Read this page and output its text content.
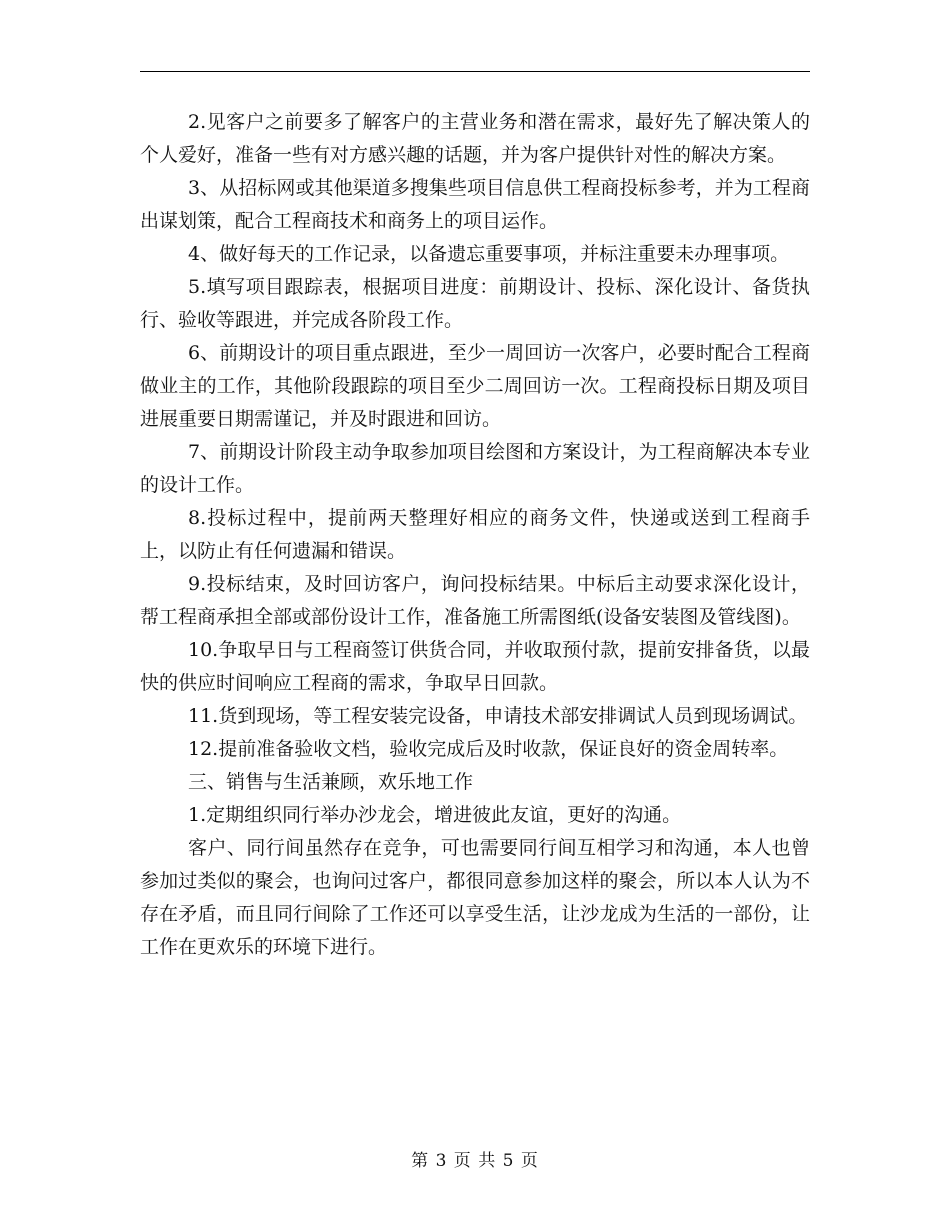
2.见客户之前要多了解客户的主营业务和潜在需求，最好先了解决策人的个人爱好，准备一些有对方感兴趣的话题，并为客户提供针对性的解决方案。

3、从招标网或其他渠道多搜集些项目信息供工程商投标参考，并为工程商出谋划策，配合工程商技术和商务上的项目运作。

4、做好每天的工作记录，以备遗忘重要事项，并标注重要未办理事项。

5.填写项目跟踪表，根据项目进度：前期设计、投标、深化设计、备货执行、验收等跟进，并完成各阶段工作。

6、前期设计的项目重点跟进，至少一周回访一次客户，必要时配合工程商做业主的工作，其他阶段跟踪的项目至少二周回访一次。工程商投标日期及项目进展重要日期需谨记，并及时跟进和回访。

7、前期设计阶段主动争取参加项目绘图和方案设计，为工程商解决本专业的设计工作。

8.投标过程中，提前两天整理好相应的商务文件，快递或送到工程商手上，以防止有任何遗漏和错误。

9.投标结束，及时回访客户，询问投标结果。中标后主动要求深化设计，帮工程商承担全部或部份设计工作，准备施工所需图纸(设备安装图及管线图)。

10.争取早日与工程商签订供货合同，并收取预付款，提前安排备货，以最快的供应时间响应工程商的需求，争取早日回款。

11.货到现场，等工程安装完设备，申请技术部安排调试人员到现场调试。

12.提前准备验收文档，验收完成后及时收款，保证良好的资金周转率。

三、销售与生活兼顾，欢乐地工作

1.定期组织同行举办沙龙会，增进彼此友谊，更好的沟通。

客户、同行间虽然存在竞争，可也需要同行间互相学习和沟通，本人也曾参加过类似的聚会，也询问过客户，都很同意参加这样的聚会，所以本人认为不存在矛盾，而且同行间除了工作还可以享受生活，让沙龙成为生活的一部份，让工作在更欢乐的环境下进行。

第 3 页 共 5 页
